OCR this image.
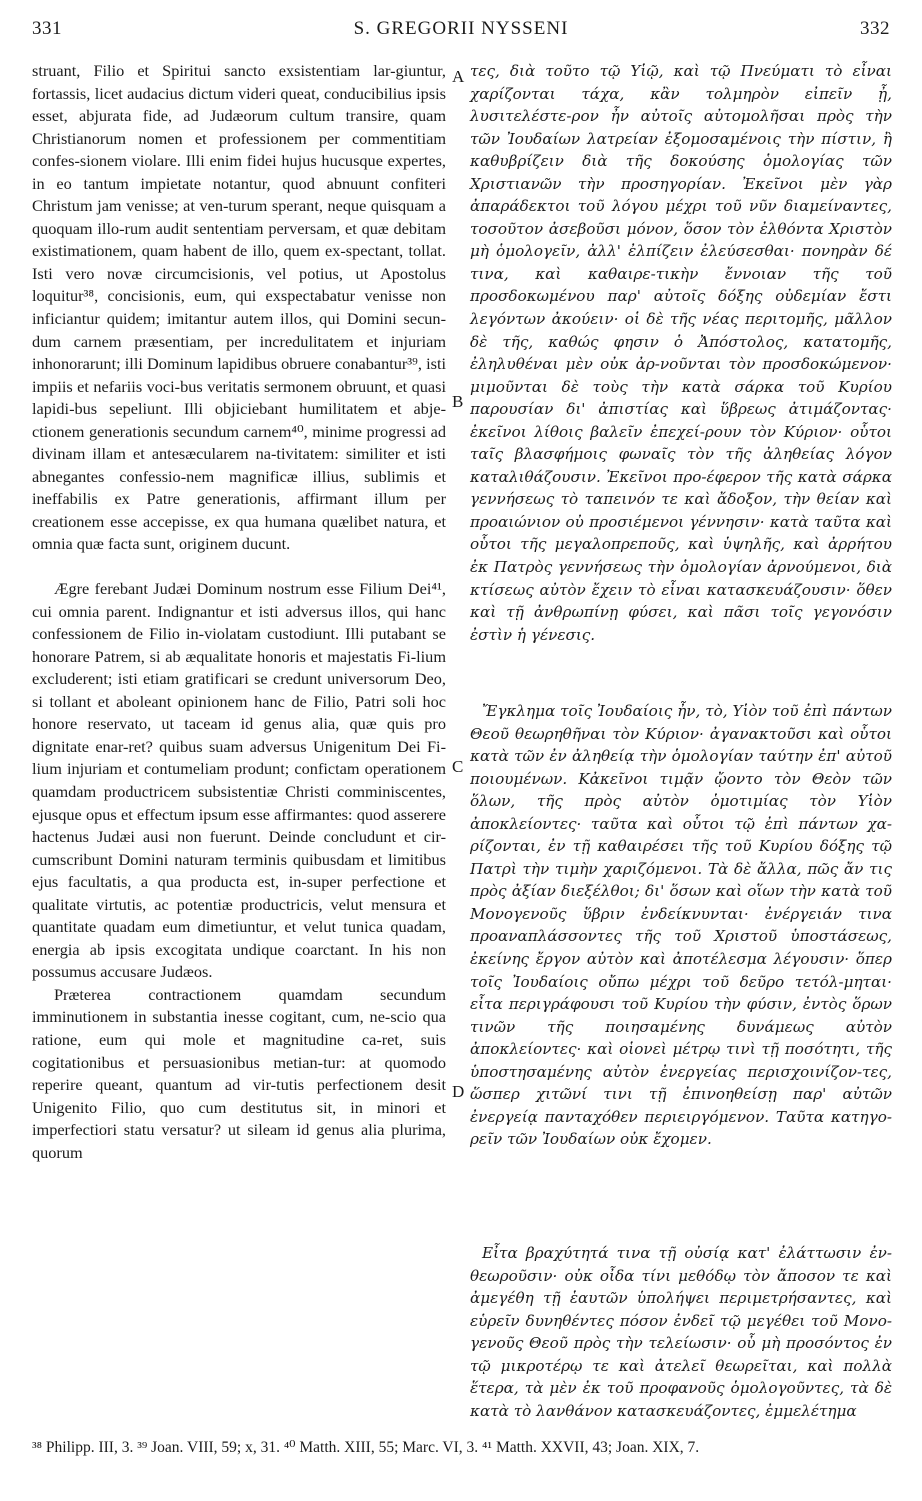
331	S. GREGORII NYSSENI	332

struant, Filio et Spiritui sancto exsistentiam lar-giuntur, fortassis, licet audacius dictum videri queat, conducibilius ipsis esset, abjurata fide, ad Judæorum cultum transire, quam Christianorum nomen et professionem per commentitiam confes-sionem violare. Illi enim fidei hujus hucusque expertes, in eo tantum impietate notantur, quod abnuunt confiteri Christum jam venisse; at ven-turum sperant, neque quisquam a quoquam illo-rum audit sententiam perversam, et quæ debitam existimationem, quam habent de illo, quem ex-spectant, tollat. Isti vero novæ circumcisionis, vel potius, ut Apostolus loquitur³⁸, concisionis, eum, qui exspectabatur venisse non inficiantur quidem; imitantur autem illos, qui Domini secun-dum carnem præsentiam, per incredulitatem et injuriam inhonorarunt; illi Dominum lapidibus obruere conabantur³⁹, isti impiis et nefariis voci-bus veritatis sermonem obruunt, et quasi lapidi-bus sepeliunt. Illi objiciebant humilitatem et abje-ctionem generationis secundum carnem⁴⁰, minime progressi ad divinam illam et antesæcularem na-tivitatem: similiter et isti abnegantes confessio-nem magnificæ illius, sublimis et ineffabilis ex Patre generationis, affirmant illum per creationem esse accepisse, ex qua humana quælibet natura, et omnia quæ facta sunt, originem ducunt.

Ægre ferebant Judæi Dominum nostrum esse Filium Dei⁴¹, cui omnia parent. Indignantur et isti adversus illos, qui hanc confessionem de Filio in-violatam custodiunt. Illi putabant se honorare Patrem, si ab æqualitate honoris et majestatis Fi-lium excluderent; isti etiam gratificari se credunt universorum Deo, si tollant et aboleant opinionem hanc de Filio, Patri soli hoc honore reservato, ut taceam id genus alia, quæ quis pro dignitate enar-ret? quibus suam adversus Unigenitum Dei Fi-lium injuriam et contumeliam produnt; confictam operationem quamdam productricem subsistentiæ Christi comminiscentes, ejusque opus et effectum ipsum esse affirmantes: quod asserere hactenus Judæi ausi non fuerunt. Deinde concludunt et cir-cumscribunt Domini naturam terminis quibusdam et limitibus ejus facultatis, a qua producta est, in-super perfectione et qualitate virtutis, ac potentiæ productricis, velut mensura et quantitate quadam eum dimetiuntur, et velut tunica quadam, energia ab ipsis excogitata undique coarctant. In his non possumus accusare Judæos.

Præterea contractionem quamdam secundum imminutionem in substantia inesse cogitant, cum, ne-scio qua ratione, eum qui mole et magnitudine ca-ret, suis cogitationibus et persuasionibus metian-tur: at quomodo reperire queant, quantum ad vir-tutis perfectionem desit Unigenito Filio, quo cum destitutus sit, in minori et imperfectiori statu versatur? ut sileam id genus alia plurima, quorum

A
B
C
D

τες, διὰ τοῦτο τῷ Υἱῷ, καὶ τῷ Πνεύματι τὸ εἶναι χαρίζονται τάχα, κἂν τολμηρὸν εἰπεῖν ᾖ, λυσιτελέστε-ρον ἦν αὐτοῖς αὐτομολῆσαι πρὸς τὴν τῶν Ἰουδαίων λατρείαν ἐξομοσαμένοις τὴν πίστιν, ἢ καθυβρίζειν διὰ τῆς δοκούσης ὁμολογίας τῶν Χριστιανῶν τὴν προσηγορίαν. Ἐκεῖνοι μὲν γὰρ ἀπαράδεκτοι τοῦ λόγου μέχρι τοῦ νῦν διαμείναντες, τοσοῦτον ἀσεβοῦσι μόνον, ὅσον τὸν ἐλθόντα Χριστὸν μὴ ὁμολογεῖν, ἀλλ' ἐλπίζειν ἐλεύσεσθαι· πονηρὰν δέ τινα, καὶ καθαιρε-τικὴν ἔννοιαν τῆς τοῦ προσδοκωμένου παρ' αὐτοῖς δόξης οὐδεμίαν ἔστι λεγόντων ἀκούειν· οἱ δὲ τῆς νέας περιτομῆς, μᾶλλον δὲ τῆς, καθώς φησιν ὁ Ἀπόστολος, κατατομῆς, ἐληλυθέναι μὲν οὐκ ἀρ-νοῦνται τὸν προσδοκώμενον· μιμοῦνται δὲ τοὺς τὴν κατὰ σάρκα τοῦ Κυρίου παρουσίαν δι' ἀπιστίας καὶ ὕβρεως ἀτιμάζοντας· ἐκεῖνοι λίθοις βαλεῖν ἐπεχεί-ρουν τὸν Κύριον· οὗτοι ταῖς βλασφήμοις φωναῖς τὸν τῆς ἀληθείας λόγον καταλιθάζουσιν. Ἐκεῖνοι προ-έφερον τῆς κατὰ σάρκα γεννήσεως τὸ ταπεινόν τε καὶ ἄδοξον, τὴν θείαν καὶ προαιώνιον οὐ προσιέμενοι γέννησιν· κατὰ ταῦτα καὶ οὗτοι τῆς μεγαλοπρεποῦς, καὶ ὑψηλῆς, καὶ ἀρρήτου ἐκ Πατρὸς γεννήσεως τὴν ὁμολογίαν ἀρνούμενοι, διὰ κτίσεως αὐτὸν ἔχειν τὸ εἶναι κατασκευάζουσιν· ὅθεν καὶ τῇ ἀνθρωπίνῃ φύσει, καὶ πᾶσι τοῖς γεγονόσιν ἐστὶν ἡ γένεσις.

Ἔγκλημα τοῖς Ἰουδαίοις ἦν, τὸ, Υἱὸν τοῦ ἐπὶ πάντων Θεοῦ θεωρηθῆναι τὸν Κύριον· ἀγανακτοῦσι καὶ οὗτοι κατὰ τῶν ἐν ἀληθείᾳ τὴν ὁμολογίαν ταύτην ἐπ' αὐτοῦ ποιουμένων. Κἀκεῖνοι τιμᾷν ᾤοντο τὸν Θεὸν τῶν ὅλων, τῆς πρὸς αὐτὸν ὁμοτιμίας τὸν Υἱὸν ἀποκλείοντες· ταῦτα καὶ οὗτοι τῷ ἐπὶ πάντων χα-ρίζονται, ἐν τῇ καθαιρέσει τῆς τοῦ Κυρίου δόξης τῷ Πατρὶ τὴν τιμὴν χαριζόμενοι. Τὰ δὲ ἄλλα, πῶς ἄν τις πρὸς ἀξίαν διεξέλθοι; δι' ὅσων καὶ οἵων τὴν κατὰ τοῦ Μονογενοῦς ὕβριν ἐνδείκνυνται· ἐνέργειάν τινα προαναπλάσσοντες τῆς τοῦ Χριστοῦ ὑποστάσεως, ἐκείνης ἔργον αὐτὸν καὶ ἀποτέλεσμα λέγουσιν· ὅπερ τοῖς Ἰουδαίοις οὔπω μέχρι τοῦ δεῦρο τετόλ-μηται· εἶτα περιγράφουσι τοῦ Κυρίου τὴν φύσιν, ἐντὸς ὅρων τινῶν τῆς ποιησαμένης δυνάμεως αὐτὸν ἀποκλείοντες· καὶ οἱονεὶ μέτρῳ τινὶ τῇ ποσότητι, τῆς ὑποστησαμένης αὐτὸν ἐνεργείας περισχοινίζον-τες, ὥσπερ χιτῶνί τινι τῇ ἐπινοηθείσῃ παρ' αὐτῶν ἐνεργείᾳ πανταχόθεν περιειργόμενον. Ταῦτα κατηγο-ρεῖν τῶν Ἰουδαίων οὐκ ἔχομεν.

Εἶτα βραχύτητά τινα τῇ οὐσίᾳ κατ' ἐλάττωσιν ἐν-θεωροῦσιν· οὐκ οἶδα τίνι μεθόδῳ τὸν ἄποσον τε καὶ ἀμεγέθη τῇ ἑαυτῶν ὑπολήψει περιμετρήσαντες, καὶ εὑρεῖν δυνηθέντες πόσον ἐνδεῖ τῷ μεγέθει τοῦ Μονο-γενοῦς Θεοῦ πρὸς τὴν τελείωσιν· οὗ μὴ προσόντος ἐν τῷ μικροτέρῳ τε καὶ ἀτελεῖ θεωρεῖται, καὶ πολλὰ ἕτερα, τὰ μὲν ἐκ τοῦ προφανοῦς ὁμολογοῦντες, τὰ δὲ κατὰ τὸ λανθάνον κατασκευάζοντες, ἐμμελέτημα

³⁸ Philipp. III, 3. ³⁹ Joan. VIII, 59; x, 31. ⁴⁰ Matth. XIII, 55; Marc. VI, 3. ⁴¹ Matth. XXVII, 43; Joan. XIX, 7.
